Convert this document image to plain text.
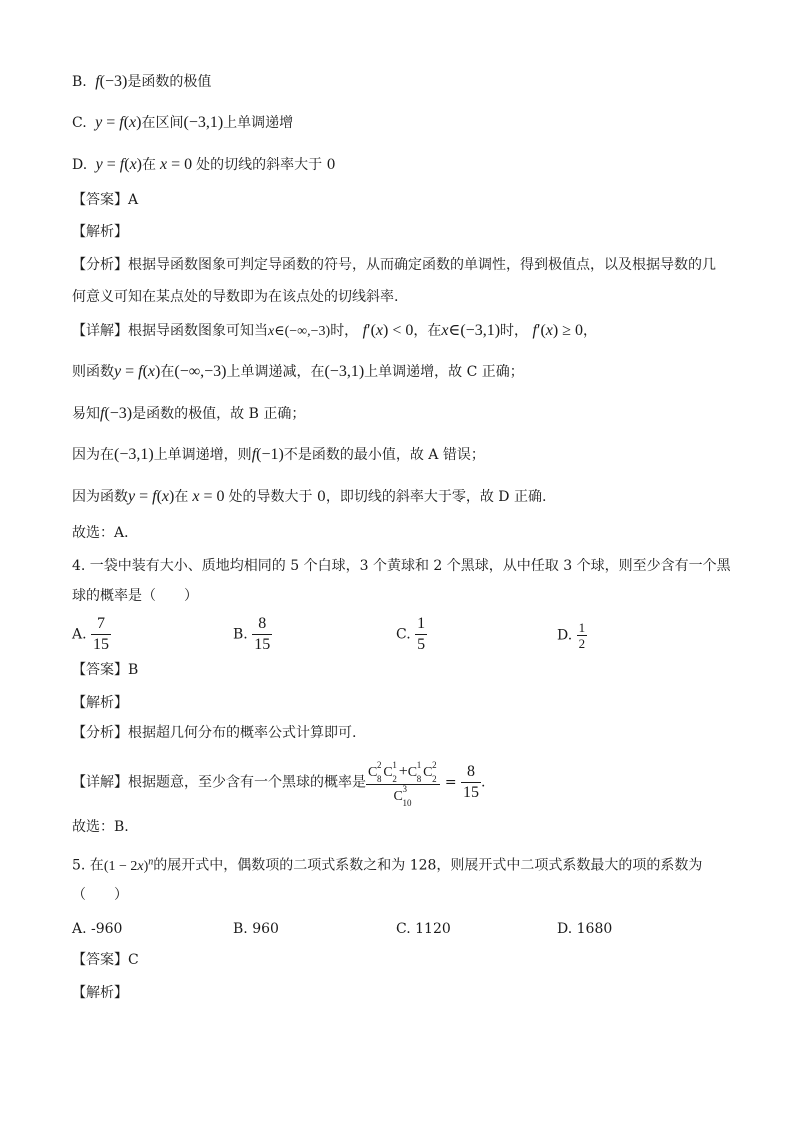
B.  f(−3)是函数的极值
C.  y = f(x)在区间(−3,1)上单调递增
D.  y = f(x)在 x = 0 处的切线的斜率大于 0
【答案】A
【解析】
【分析】根据导函数图象可判定导函数的符号，从而确定函数的单调性，得到极值点，以及根据导数的几
何意义可知在某点处的导数即为在该点处的切线斜率.
【详解】根据导函数图象可知当x∈(−∞,−3)时， f′(x) < 0，在x∈(−3,1)时， f′(x) ≥ 0，
则函数y = f(x)在(−∞,−3)上单调递减，在(−3,1)上单调递增，故 C 正确；
易知f(−3)是函数的极值，故 B 正确；
因为在(−3,1)上单调递增，则f(−1)不是函数的最小值，故 A 错误；
因为函数y = f(x)在 x = 0 处的导数大于 0，即切线的斜率大于零，故 D 正确.
故选：A．
4. 一袋中装有大小、质地均相同的 5 个白球，3 个黄球和 2 个黑球，从中任取 3 个球，则至少含有一个黑
球的概率是（　　）
A. $\frac{7}{15}$	B. $\frac{8}{15}$	C. $\frac{1}{5}$	D. $\frac{1}{2}$
【答案】B
【解析】
【分析】根据超几何分布的概率公式计算即可.
【详解】根据题意，至少含有一个黑球的概率是 C 2
8 C 1
2 +C 1
8 C 2
2
C 3
$10 = \frac{8}{15}$ .
故选：B.
5. 在$(1 - 2x)^n$的展开式中，偶数项的二项式系数之和为 128，则展开式中二项式系数最大的项的系数为
（　　）
A. -960	B. 960	C. 1120	D. 1680
【答案】C
【解析】
